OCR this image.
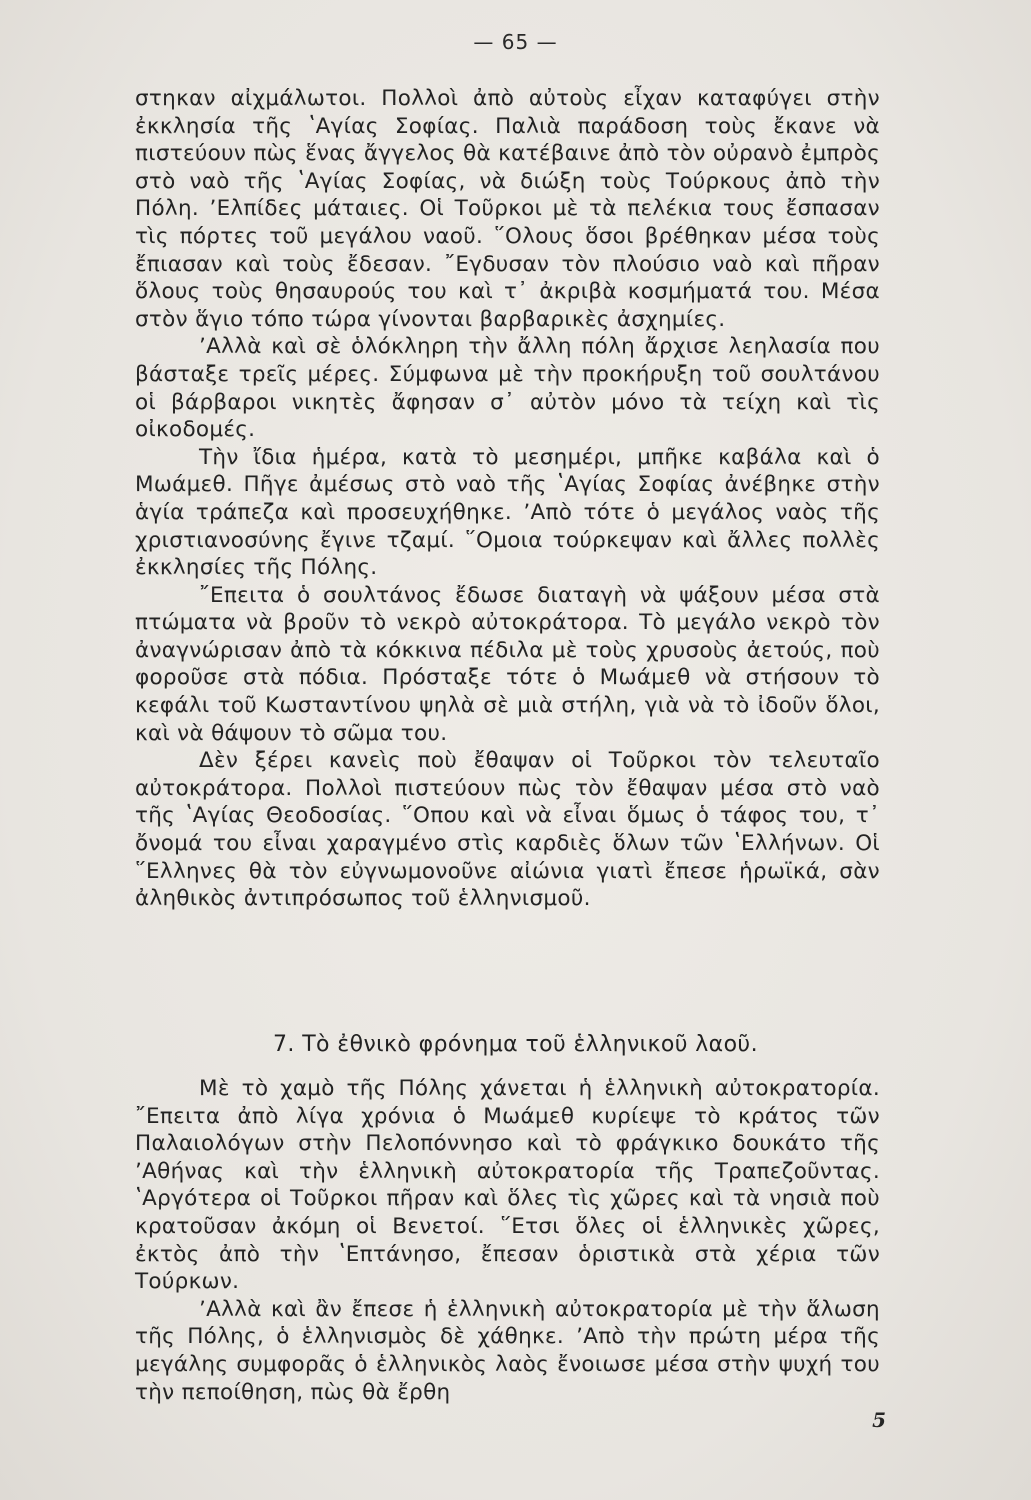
— 65 —

στηκαν αἰχμάλωτοι. Πολλοὶ ἀπὸ αὐτοὺς εἶχαν καταφύγει στὴν ἐκκλησία τῆς ʽΑγίας Σοφίας. Παλιὰ παράδοση τοὺς ἔκανε νὰ πιστεύουν πὼς ἕνας ἄγγελος θὰ κατέβαινε ἀπὸ τὸν οὐρανὸ ἐμπρὸς στὸ ναὸ τῆς ʽΑγίας Σοφίας, νὰ διώξη τοὺς Τούρκους ἀπὸ τὴν Πόλη. ʼΕλπίδες μάταιες. Οἱ Τοῦρκοι μὲ τὰ πελέκια τους ἔσπασαν τὶς πόρτες τοῦ μεγάλου ναοῦ. ῞Ολους ὅσοι βρέθηκαν μέσα τοὺς ἔπιασαν καὶ τοὺς ἔδεσαν. ῎Εγδυσαν τὸν πλούσιο ναὸ καὶ πῆραν ὅλους τοὺς θησαυρούς του καὶ τ᾽ ἀκριβὰ κοσμήματά του. Μέσα στὸν ἅγιο τόπο τώρα γίνονται βαρβαρικὲς ἀσχημίες.

ʼΑλλὰ καὶ σὲ ὁλόκληρη τὴν ἄλλη πόλη ἄρχισε λεηλασία που βάσταξε τρεῖς μέρες. Σύμφωνα μὲ τὴν προκήρυξη τοῦ σουλτάνου οἱ βάρβαροι νικητὲς ἄφησαν σ᾽ αὐτὸν μόνο τὰ τείχη καὶ τὶς οἰκοδομές.

Τὴν ἴδια ἡμέρα, κατὰ τὸ μεσημέρι, μπῆκε καβάλα καὶ ὁ Μωάμεθ. Πῆγε ἀμέσως στὸ ναὸ τῆς ʽΑγίας Σοφίας ἀνέβηκε στὴν ἁγία τράπεζα καὶ προσευχήθηκε. ʼΑπὸ τότε ὁ μεγάλος ναὸς τῆς χριστιανοσύνης ἔγινε τζαμί. ῞Ομοια τούρκεψαν καὶ ἄλλες πολλὲς ἐκκλησίες τῆς Πόλης.

῎Επειτα ὁ σουλτάνος ἔδωσε διαταγὴ νὰ ψάξουν μέσα στὰ πτώματα νὰ βροῦν τὸ νεκρὸ αὐτοκράτορα. Τὸ μεγάλο νεκρὸ τὸν ἀναγνώρισαν ἀπὸ τὰ κόκκινα πέδιλα μὲ τοὺς χρυσοὺς ἀετούς, ποὺ φοροῦσε στὰ πόδια. Πρόσταξε τότε ὁ Μωάμεθ νὰ στήσουν τὸ κεφάλι τοῦ Κωσταντίνου ψηλὰ σὲ μιὰ στήλη, γιὰ νὰ τὸ ἰδοῦν ὅλοι, καὶ νὰ θάψουν τὸ σῶμα του.

Δὲν ξέρει κανεὶς ποὺ ἔθαψαν οἱ Τοῦρκοι τὸν τελευταῖο αὐτοκράτορα. Πολλοὶ πιστεύουν πὼς τὸν ἔθαψαν μέσα στὸ ναὸ τῆς ʽΑγίας Θεοδοσίας. ῞Οπου καὶ νὰ εἶναι ὅμως ὁ τάφος του, τ᾽ ὄνομά του εἶναι χαραγμένο στὶς καρδιὲς ὅλων τῶν ʽΕλλήνων. Οἱ ῞Ελληνες θὰ τὸν εὐγνωμονοῦνε αἰώνια γιατὶ ἔπεσε ἡρωϊκά, σὰν ἀληθικὸς ἀντιπρόσωπος τοῦ ἑλληνισμοῦ.

7. Τὸ ἐθνικὸ φρόνημα τοῦ ἑλληνικοῦ λαοῦ.

Μὲ τὸ χαμὸ τῆς Πόλης χάνεται ἡ ἑλληνικὴ αὐτοκρατορία. ῎Επειτα ἀπὸ λίγα χρόνια ὁ Μωάμεθ κυρίεψε τὸ κράτος τῶν Παλαιολόγων στὴν Πελοπόννησο καὶ τὸ φράγκικο δουκάτο τῆς ʼΑθήνας καὶ τὴν ἑλληνικὴ αὐτοκρατορία τῆς Τραπεζοῦντας. ʽΑργότερα οἱ Τοῦρκοι πῆραν καὶ ὅλες τὶς χῶρες καὶ τὰ νησιὰ ποὺ κρατοῦσαν ἀκόμη οἱ Βενετοί. ῞Ετσι ὅλες οἱ ἑλληνικὲς χῶρες, ἐκτὸς ἀπὸ τὴν ʽΕπτάνησο, ἔπεσαν ὁριστικὰ στὰ χέρια τῶν Τούρκων.

ʼΑλλὰ καὶ ἂν ἔπεσε ἡ ἑλληνικὴ αὐτοκρατορία μὲ τὴν ἅλωση τῆς Πόλης, ὁ ἑλληνισμὸς δὲ χάθηκε. ʼΑπὸ τὴν πρώτη μέρα τῆς μεγάλης συμφορᾶς ὁ ἑλληνικὸς λαὸς ἔνοιωσε μέσα στὴν ψυχή του τὴν πεποίθηση, πὼς θὰ ἔρθη

5
